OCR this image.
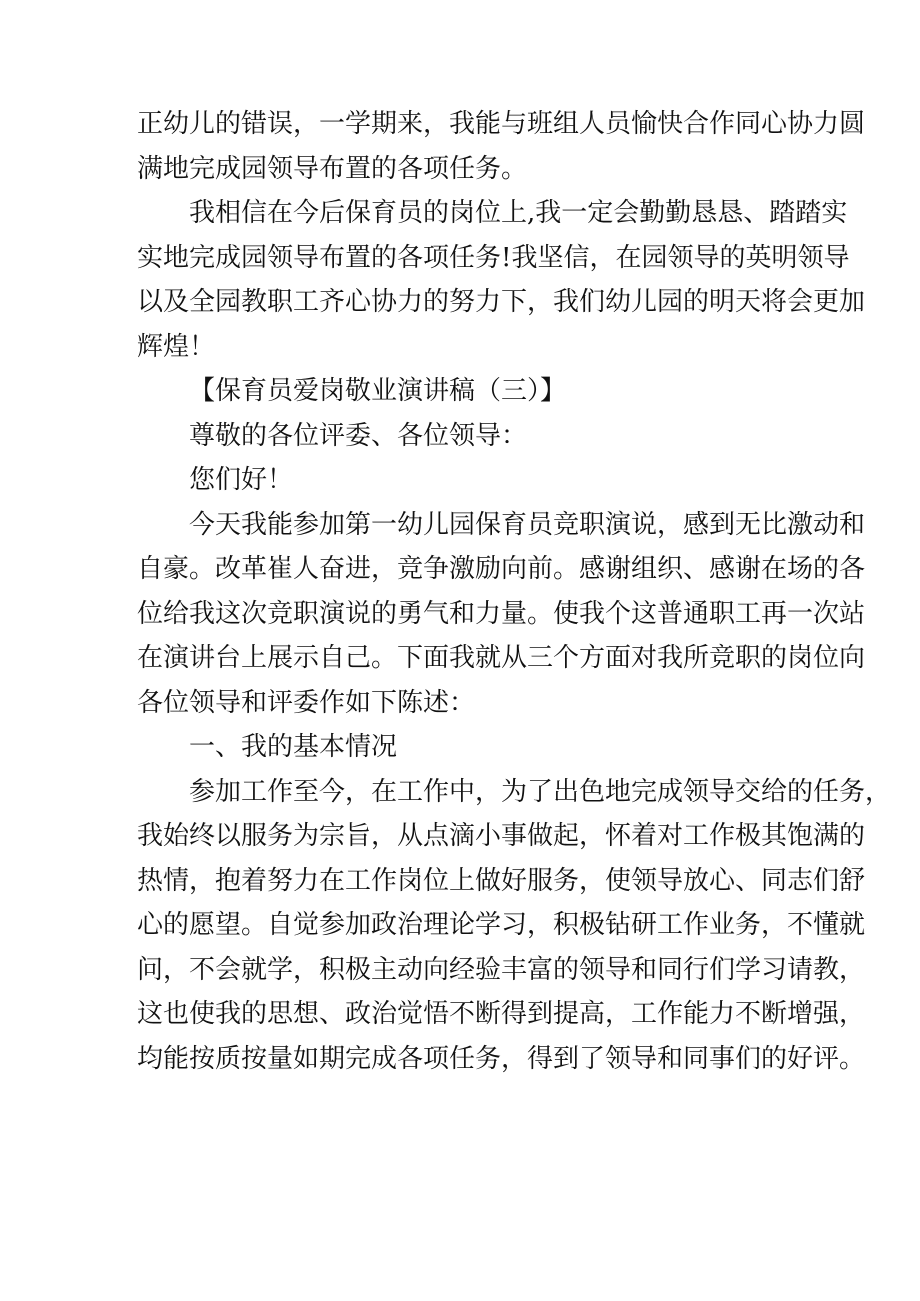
正幼儿的错误，一学期来，我能与班组人员愉快合作同心协力圆
满地完成园领导布置的各项任务。
我相信在今后保育员的岗位上,我一定会勤勤恳恳、踏踏实
实地完成园领导布置的各项任务!我坚信，在园领导的英明领导
以及全园教职工齐心协力的努力下，我们幼儿园的明天将会更加
辉煌！
【保育员爱岗敬业演讲稿（三）】
尊敬的各位评委、各位领导：
您们好！
今天我能参加第一幼儿园保育员竞职演说，感到无比激动和
自豪。改革崔人奋进，竞争激励向前。感谢组织、感谢在场的各
位给我这次竞职演说的勇气和力量。使我个这普通职工再一次站
在演讲台上展示自己。下面我就从三个方面对我所竞职的岗位向
各位领导和评委作如下陈述：
一、我的基本情况
参加工作至今，在工作中，为了出色地完成领导交给的任务，
我始终以服务为宗旨，从点滴小事做起，怀着对工作极其饱满的
热情，抱着努力在工作岗位上做好服务，使领导放心、同志们舒
心的愿望。自觉参加政治理论学习，积极钻研工作业务，不懂就
问，不会就学，积极主动向经验丰富的领导和同行们学习请教，
这也使我的思想、政治觉悟不断得到提高，工作能力不断增强，
均能按质按量如期完成各项任务，得到了领导和同事们的好评。
